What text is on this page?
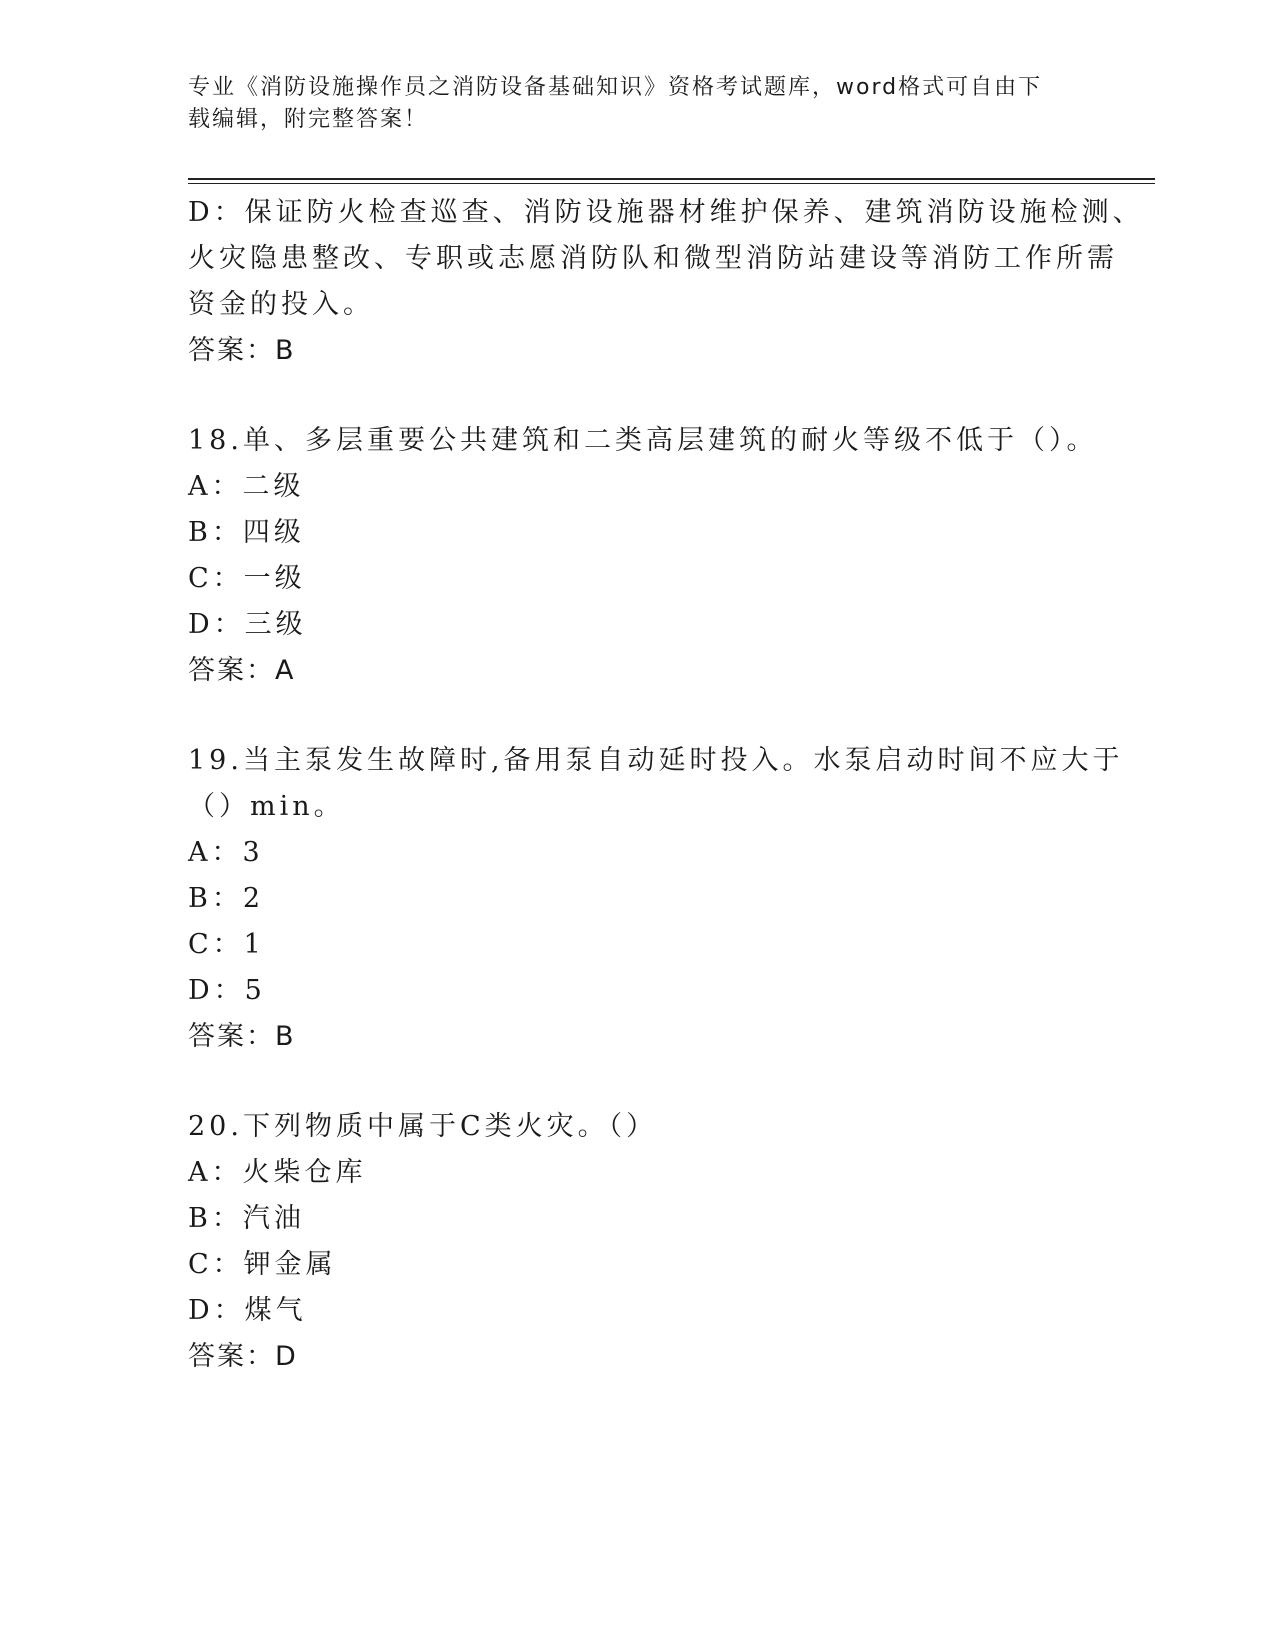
专业《消防设施操作员之消防设备基础知识》资格考试题库，word格式可自由下
载编辑，附完整答案！
D：保证防火检查巡查、消防设施器材维护保养、建筑消防设施检测、
火灾隐患整改、专职或志愿消防队和微型消防站建设等消防工作所需
资金的投入。
答案：B
18.单、多层重要公共建筑和二类高层建筑的耐火等级不低于（）。
A：二级
B：四级
C：一级
D：三级
答案：A
19.当主泵发生故障时,备用泵自动延时投入。水泵启动时间不应大于
（）min。
A：3
B：2
C：1
D：5
答案：B
20.下列物质中属于C类火灾。（）
A：火柴仓库
B：汽油
C：钾金属
D：煤气
答案：D
